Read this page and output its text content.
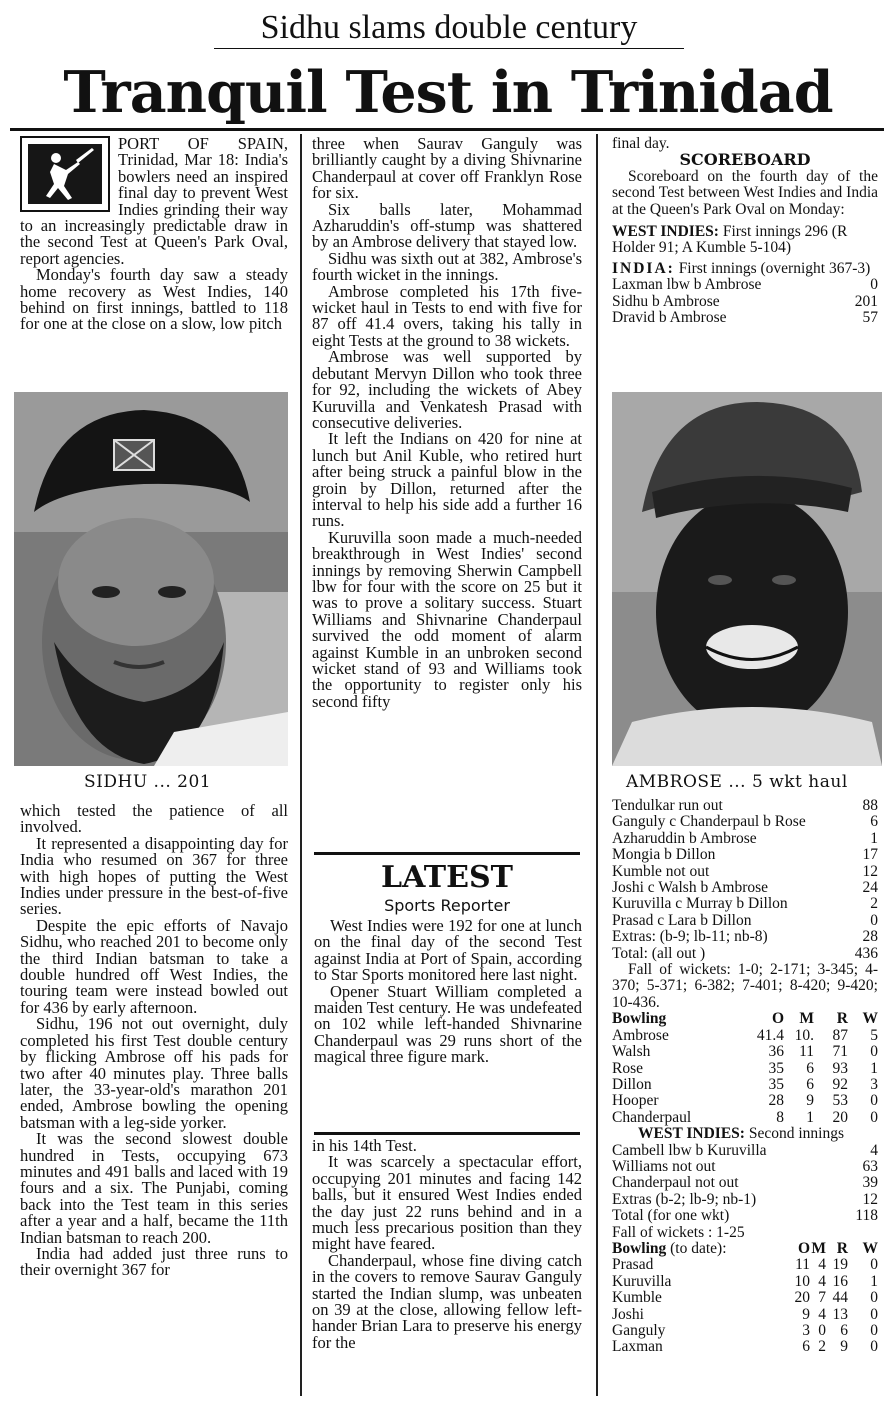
Sidhu slams double century
Tranquil Test in Trinidad

PORT OF SPAIN, Trinidad, Mar 18: India's bowlers need an inspired final day to prevent West Indies grinding their way to an increasingly predictable draw in the second Test at Queen's Park Oval, report agencies.

Monday's fourth day saw a steady home recovery as West Indies, 140 behind on first innings, battled to 118 for one at the close on a slow, low pitch

SIDHU ... 201

which tested the patience of all involved.

It represented a disappointing day for India who resumed on 367 for three with high hopes of putting the West Indies under pressure in the best-of-five series.

Despite the epic efforts of Navajo Sidhu, who reached 201 to become only the third Indian batsman to take a double hundred off West Indies, the touring team were instead bowled out for 436 by early afternoon.

Sidhu, 196 not out overnight, duly completed his first Test double century by flicking Ambrose off his pads for two after 40 minutes play. Three balls later, the 33-year-old's marathon 201 ended, Ambrose bowling the opening batsman with a leg-side yorker.

It was the second slowest double hundred in Tests, occupying 673 minutes and 491 balls and laced with 19 fours and a six. The Punjabi, coming back into the Test team in this series after a year and a half, became the 11th Indian batsman to reach 200.

India had added just three runs to their overnight 367 for

three when Saurav Ganguly was brilliantly caught by a diving Shivnarine Chanderpaul at cover off Franklyn Rose for six.

Six balls later, Mohammad Azharuddin's off-stump was shattered by an Ambrose delivery that stayed low.

Sidhu was sixth out at 382, Ambrose's fourth wicket in the innings.

Ambrose completed his 17th five-wicket haul in Tests to end with five for 87 off 41.4 overs, taking his tally in eight Tests at the ground to 38 wickets.

Ambrose was well supported by debutant Mervyn Dillon who took three for 92, including the wickets of Abey Kuruvilla and Venkatesh Prasad with consecutive deliveries.

It left the Indians on 420 for nine at lunch but Anil Kuble, who retired hurt after being struck a painful blow in the groin by Dillon, returned after the interval to help his side add a further 16 runs.

Kuruvilla soon made a much-needed breakthrough in West Indies' second innings by removing Sherwin Campbell lbw for four with the score on 25 but it was to prove a solitary success. Stuart Williams and Shivnarine Chanderpaul survived the odd moment of alarm against Kumble in an unbroken second wicket stand of 93 and Williams took the opportunity to register only his second fifty

LATEST
Sports Reporter

West Indies were 192 for one at lunch on the final day of the second Test against India at Port of Spain, according to Star Sports monitored here last night.

Opener Stuart William completed a maiden Test century. He was undefeated on 102 while left-handed Shivnarine Chanderpaul was 29 runs short of the magical three figure mark.

in his 14th Test.

It was scarcely a spectacular effort, occupying 201 minutes and facing 142 balls, but it ensured West Indies ended the day just 22 runs behind and in a much less precarious position than they might have feared.

Chanderpaul, whose fine diving catch in the covers to remove Saurav Ganguly started the Indian slump, was unbeaten on 39 at the close, allowing fellow left-hander Brian Lara to preserve his energy for the

final day.
SCOREBOARD
Scoreboard on the fourth day of the second Test between West Indies and India at the Queen's Park Oval on Monday:
WEST INDIES: First innings 296 (R Holder 91; A Kumble 5-104)
INDIA: First innings (overnight 367-3)
Laxman lbw b Ambrose	0
Sidhu b Ambrose	201
Dravid b Ambrose	57
AMBROSE ... 5 wkt haul
Tendulkar run out	88
Ganguly c Chanderpaul b Rose	6
Azharuddin b Ambrose	1
Mongia b Dillon	17
Kumble not out	12
Joshi c Walsh b Ambrose	24
Kuruvilla c Murray b Dillon	2
Prasad c Lara b Dillon	0
Extras: (b-9; lb-11; nb-8)	28
Total: (all out )	436
Fall of wickets: 1-0; 2-171; 3-345; 4-370; 5-371; 6-382; 7-401; 8-420; 9-420; 10-436.
Bowling	O M	R W
Ambrose	41.4 10.	87	5
Walsh	36 11	71	0
Rose	35	6	93	1
Dillon	35	6	92	3
Hooper	28	9	53	0
Chanderpaul	8	1	20	0
WEST INDIES: Second innings
Cambell lbw b Kuruvilla	4
Williams not out	63
Chanderpaul not out	39
Extras (b-2; lb-9; nb-1)	12
Total (for one wkt)	118
Fall of wickets : 1-25
Bowling (to date):	O M R W
Prasad	11 4 19	0
Kuruvilla	10 4 16	1
Kumble	20 7 44	0
Joshi	9 4 13	0
Ganguly	3 0 6	0
Laxman	6 2 9	0
